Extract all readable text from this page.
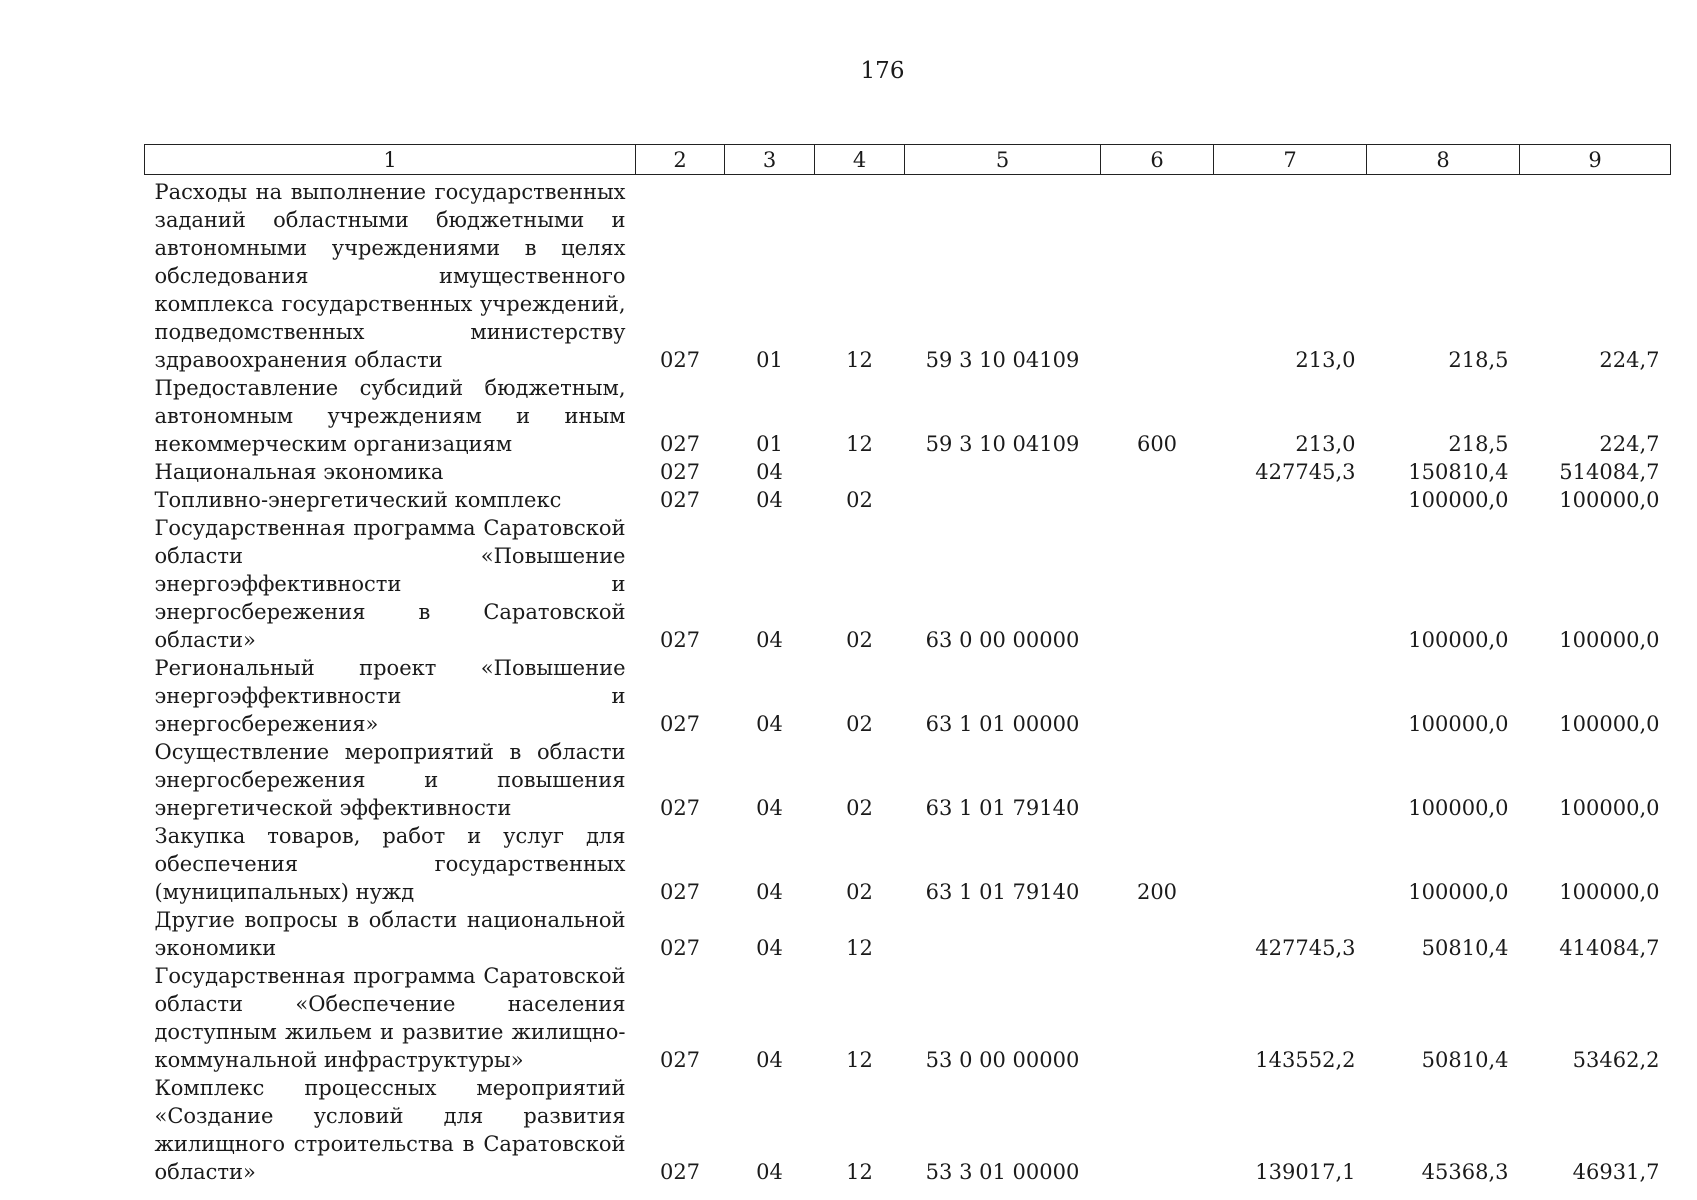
176
1	2	3	4	5	6	7	8	9
Расходы на выполнение государственных заданий областными бюджетными и автономными учреждениями в целях обследования имущественного комплекса государственных учреждений, подведомственных министерству здравоохранения области	027	01	12	59 3 10 04109		213,0	218,5	224,7
Предоставление субсидий бюджетным, автономным учреждениям и иным некоммерческим организациям	027	01	12	59 3 10 04109	600	213,0	218,5	224,7
Национальная экономика	027	04				427745,3	150810,4	514084,7
Топливно-энергетический комплекс	027	04	02				100000,0	100000,0
Государственная программа Саратовской области «Повышение энергоэффективности и энергосбережения в Саратовской области»	027	04	02	63 0 00 00000			100000,0	100000,0
Региональный проект «Повышение энергоэффективности и энергосбережения»	027	04	02	63 1 01 00000			100000,0	100000,0
Осуществление мероприятий в области энергосбережения и повышения энергетической эффективности	027	04	02	63 1 01 79140			100000,0	100000,0
Закупка товаров, работ и услуг для обеспечения государственных (муниципальных) нужд	027	04	02	63 1 01 79140	200		100000,0	100000,0
Другие вопросы в области национальной экономики	027	04	12			427745,3	50810,4	414084,7
Государственная программа Саратовской области «Обеспечение населения доступным жильем и развитие жилищно-коммунальной инфраструктуры»	027	04	12	53 0 00 00000		143552,2	50810,4	53462,2
Комплекс процессных мероприятий «Создание условий для развития жилищного строительства в Саратовской области»	027	04	12	53 3 01 00000		139017,1	45368,3	46931,7
